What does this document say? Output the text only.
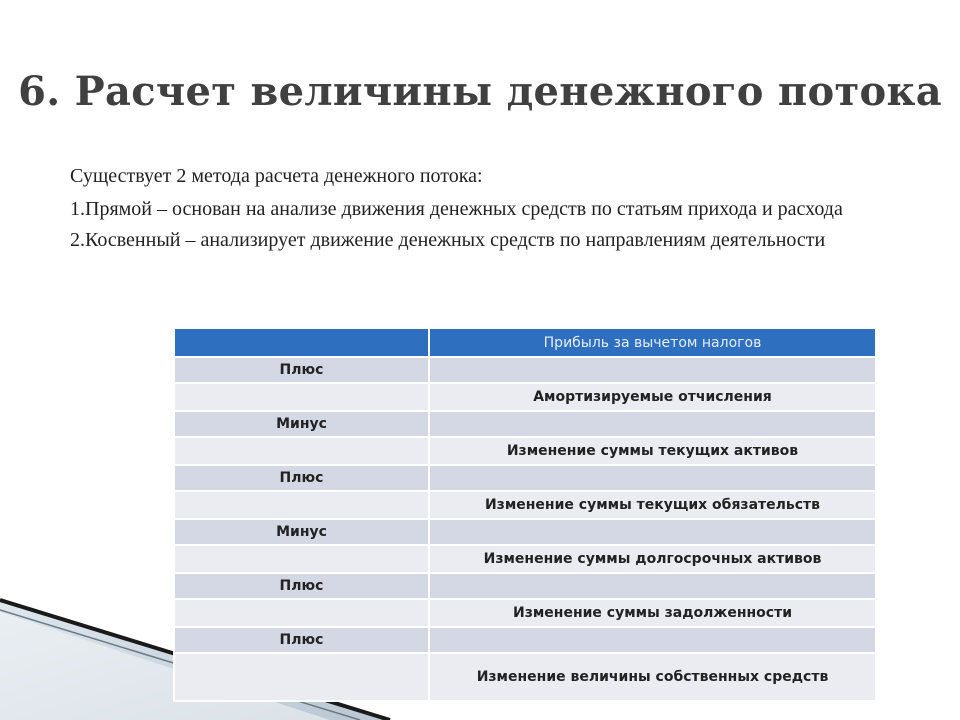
6. Расчет величины денежного потока

Существует 2 метода расчета денежного потока:

1.Прямой – основан на анализе движения денежных средств по статьям прихода и расхода

2.Косвенный – анализирует движение денежных средств по направлениям деятельности

	Прибыль за вычетом налогов
Плюс	
	Амортизируемые отчисления
Минус	
	Изменение суммы текущих активов
Плюс	
	Изменение суммы текущих обязательств
Минус	
	Изменение суммы долгосрочных активов
Плюс	
	Изменение суммы задолженности
Плюс	
	Изменение величины собственных средств
